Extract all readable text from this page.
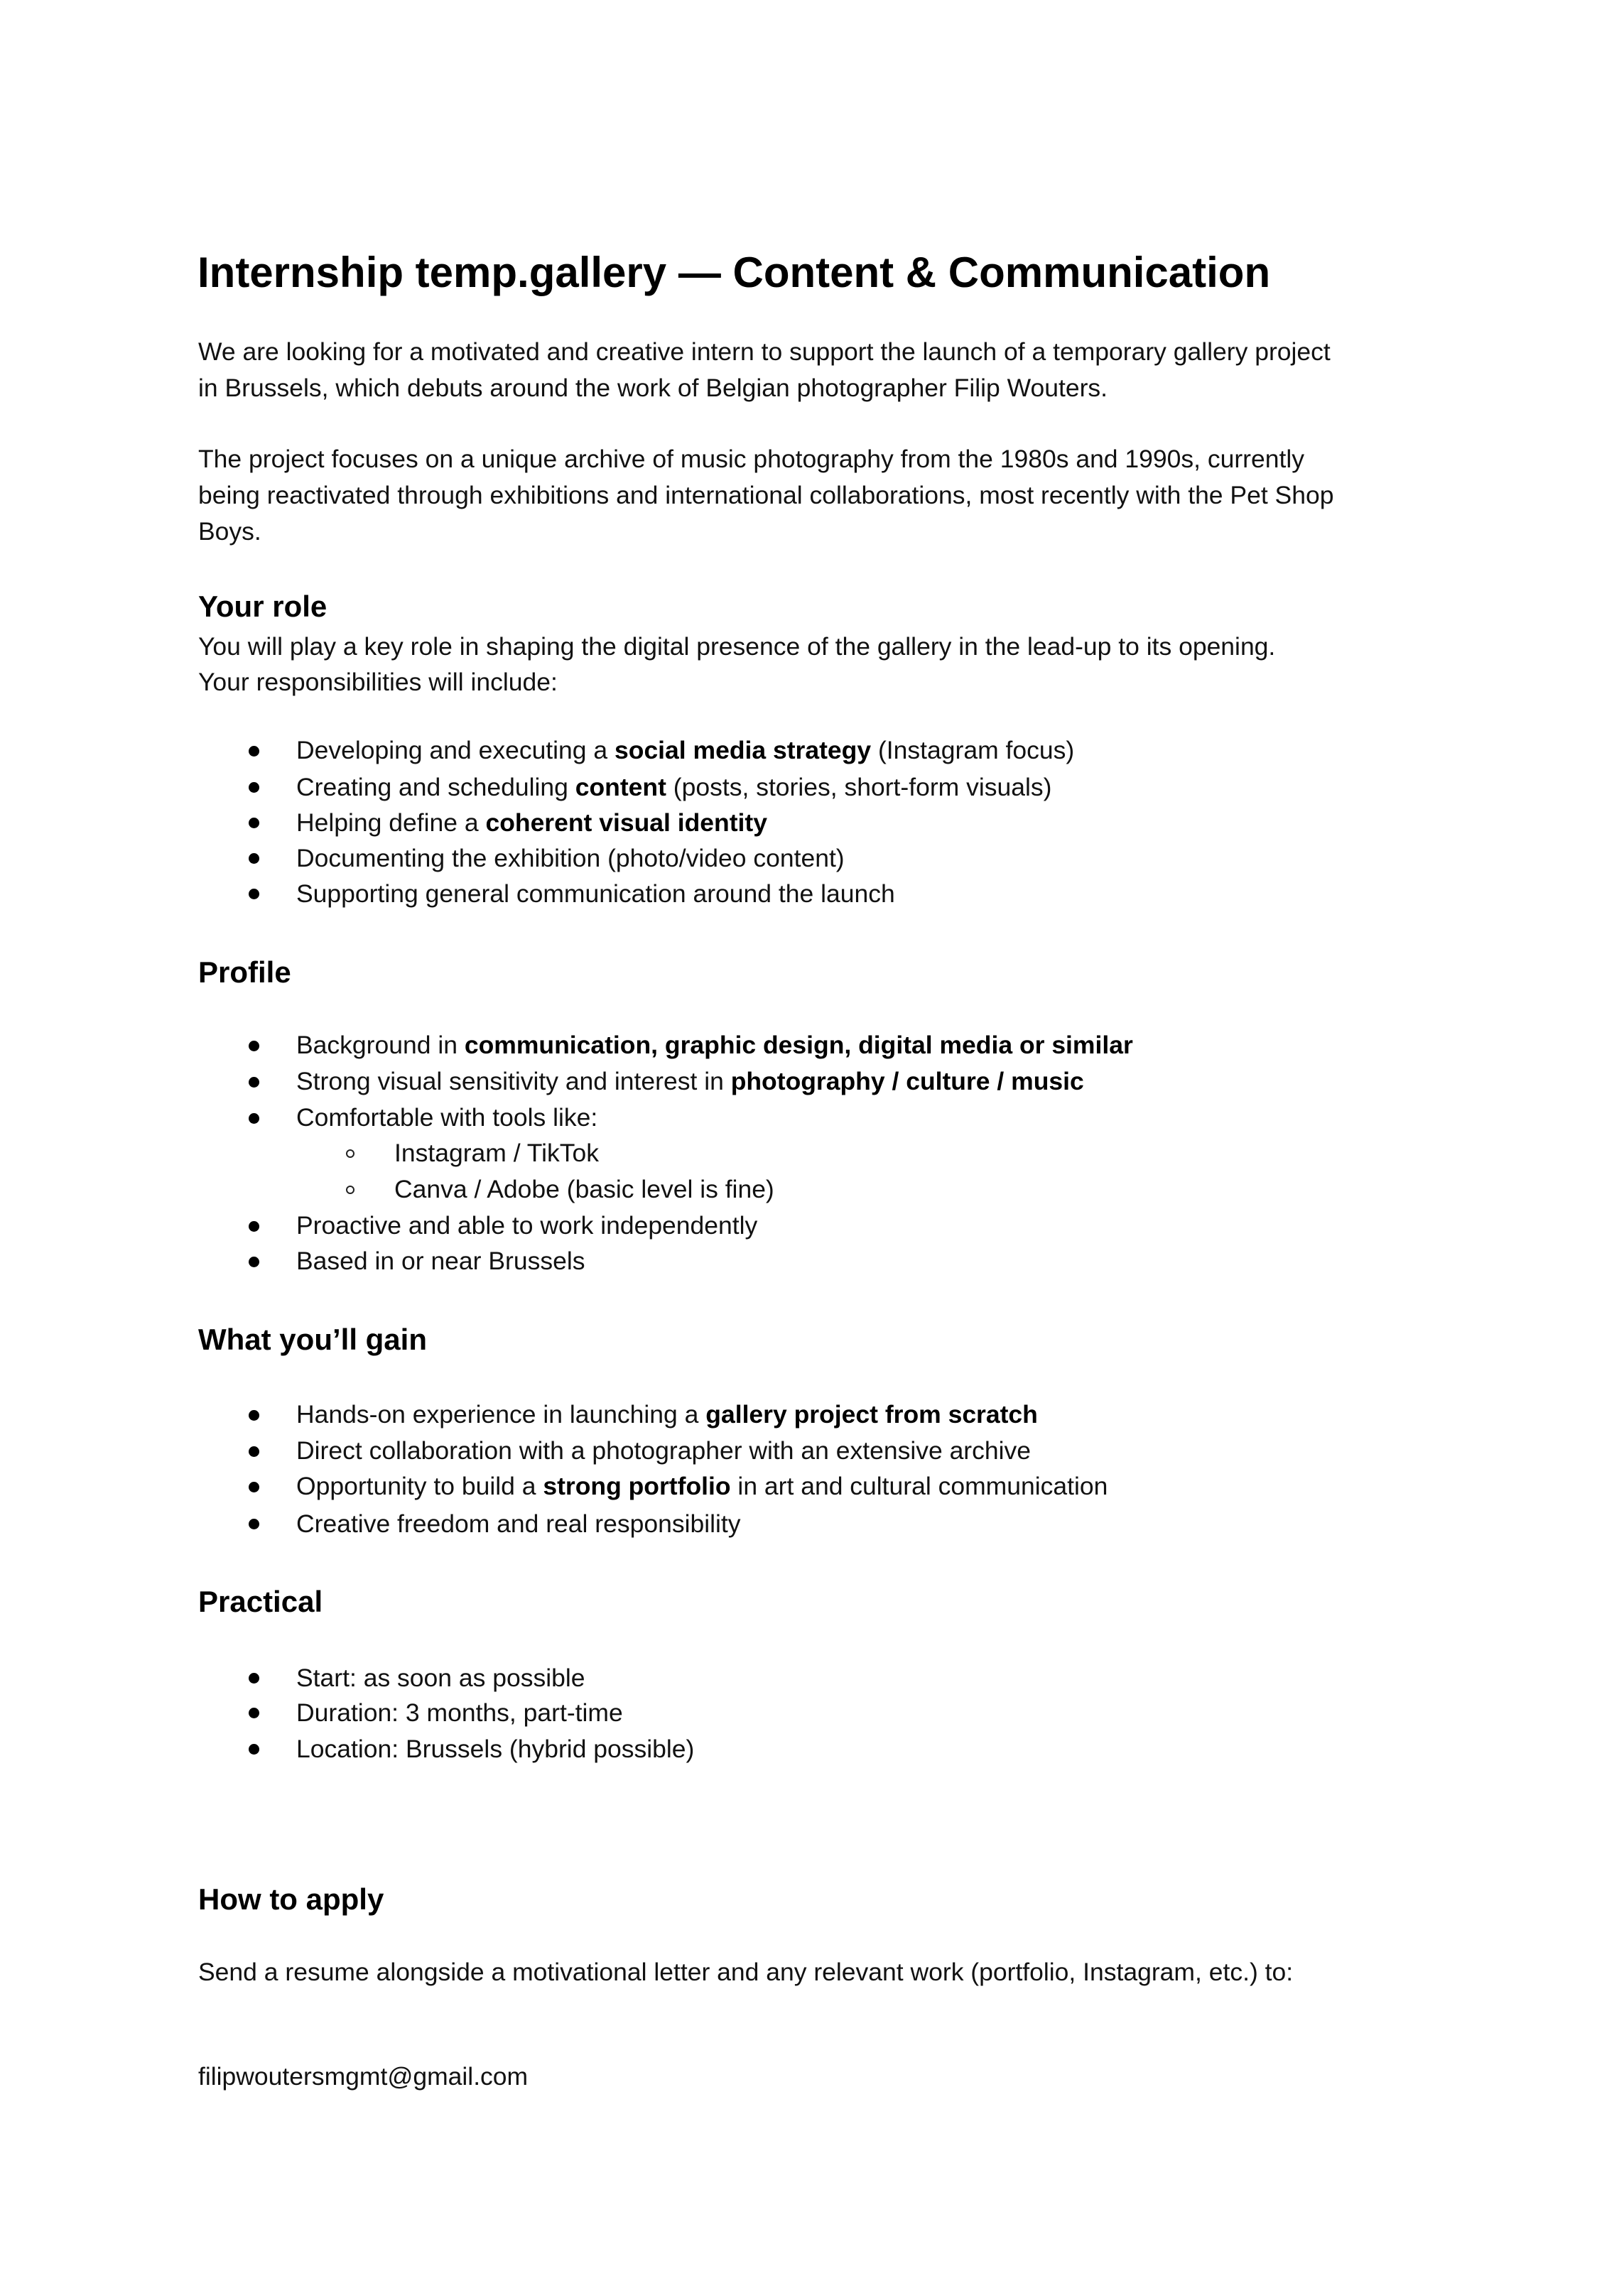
Internship temp.gallery — Content & Communication
We are looking for a motivated and creative intern to support the launch of a temporary gallery project
in Brussels, which debuts around the work of Belgian photographer Filip Wouters.
The project focuses on a unique archive of music photography from the 1980s and 1990s, currently
being reactivated through exhibitions and international collaborations, most recently with the Pet Shop
Boys.
Your role
You will play a key role in shaping the digital presence of the gallery in the lead-up to its opening.
Your responsibilities will include:
Developing and executing a social media strategy (Instagram focus)
Creating and scheduling content (posts, stories, short-form visuals)
Helping define a coherent visual identity
Documenting the exhibition (photo/video content)
Supporting general communication around the launch
Profile
Background in communication, graphic design, digital media or similar
Strong visual sensitivity and interest in photography / culture / music
Comfortable with tools like:
Instagram / TikTok
Canva / Adobe (basic level is fine)
Proactive and able to work independently
Based in or near Brussels
What you’ll gain
Hands-on experience in launching a gallery project from scratch
Direct collaboration with a photographer with an extensive archive
Opportunity to build a strong portfolio in art and cultural communication
Creative freedom and real responsibility
Practical
Start: as soon as possible
Duration: 3 months, part-time
Location: Brussels (hybrid possible)
How to apply
Send a resume alongside a motivational letter and any relevant work (portfolio, Instagram, etc.) to:
filipwoutersmgmt@gmail.com
